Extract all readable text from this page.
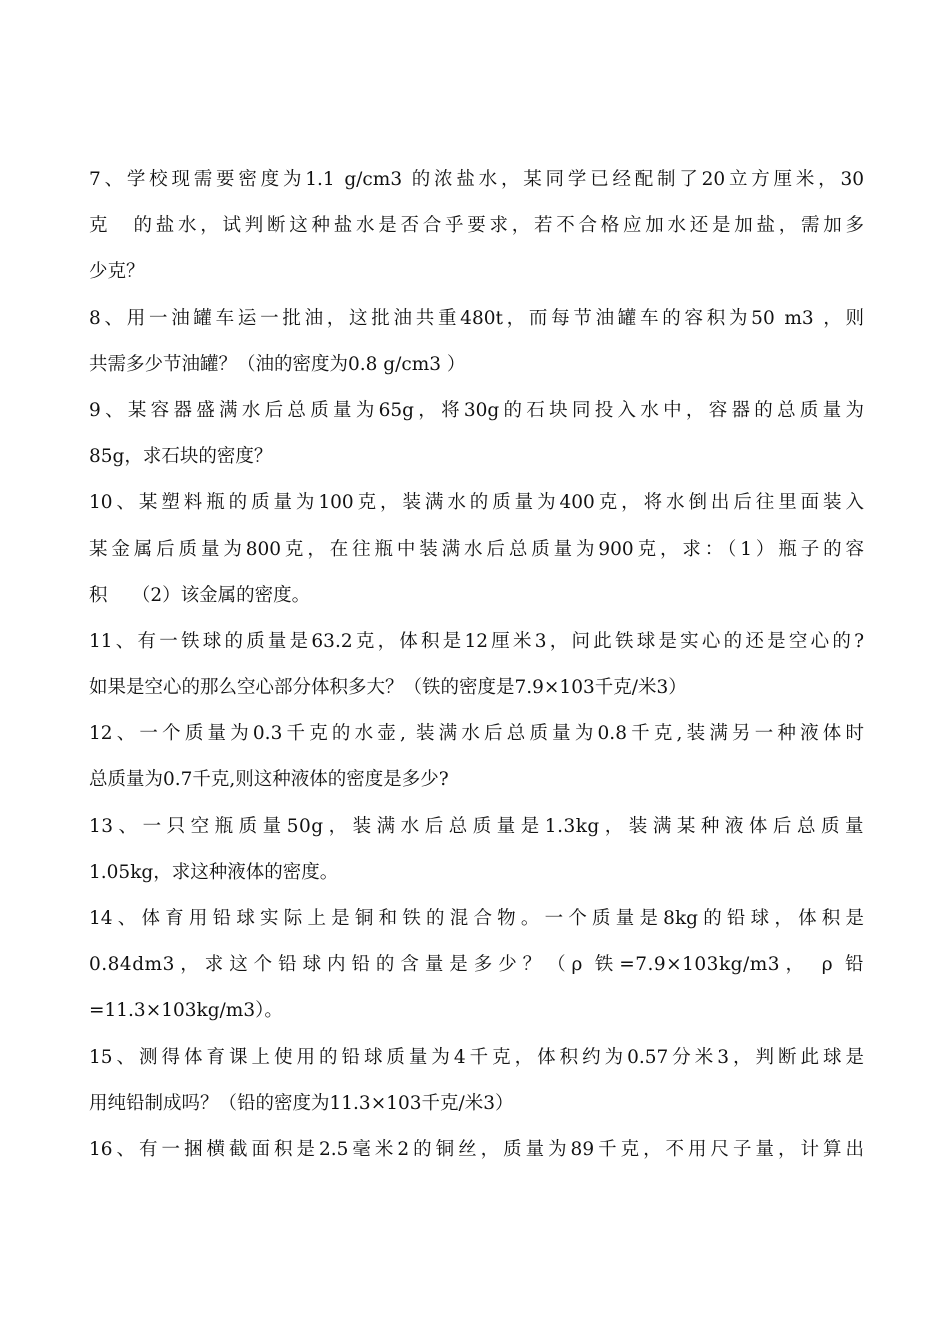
7、学校现需要密度为1.1 g/cm3 的浓盐水，某同学已经配制了20立方厘米，30
克　的盐水，试判断这种盐水是否合乎要求，若不合格应加水还是加盐，需加多
少克？
8、用一油罐车运一批油，这批油共重480t，而每节油罐车的容积为50 m3 ，则
共需多少节油罐？（油的密度为0.8 g/cm3 ）
9、某容器盛满水后总质量为65g，将30g的石块同投入水中，容器的总质量为
85g，求石块的密度？
10、某塑料瓶的质量为100克，装满水的质量为400克，将水倒出后往里面装入
某金属后质量为800克，在往瓶中装满水后总质量为900克，求：（1）瓶子的容
积　 （2）该金属的密度。
11、有一铁球的质量是63.2克，体积是12厘米3，问此铁球是实心的还是空心的?
如果是空心的那么空心部分体积多大？（铁的密度是7.9×103千克/米3）
12、一个质量为0.3千克的水壶, 装满水后总质量为0.8千克,装满另一种液体时
总质量为0.7千克,则这种液体的密度是多少?
13、一只空瓶质量50g，装满水后总质量是1.3kg，装满某种液体后总质量
1.05kg，求这种液体的密度。
14、体育用铅球实际上是铜和铁的混合物。一个质量是8kg的铅球，体积是
0.84dm3，求这个铅球内铅的含量是多少？（ρ 铁=7.9×103kg/m3， ρ 铅
=11.3×103kg/m3）。
15、测得体育课上使用的铅球质量为4千克，体积约为0.57分米3，判断此球是
用纯铅制成吗？（铅的密度为11.3×103千克/米3）
16、有一捆横截面积是2.5毫米2的铜丝，质量为89千克，不用尺子量，计算出
